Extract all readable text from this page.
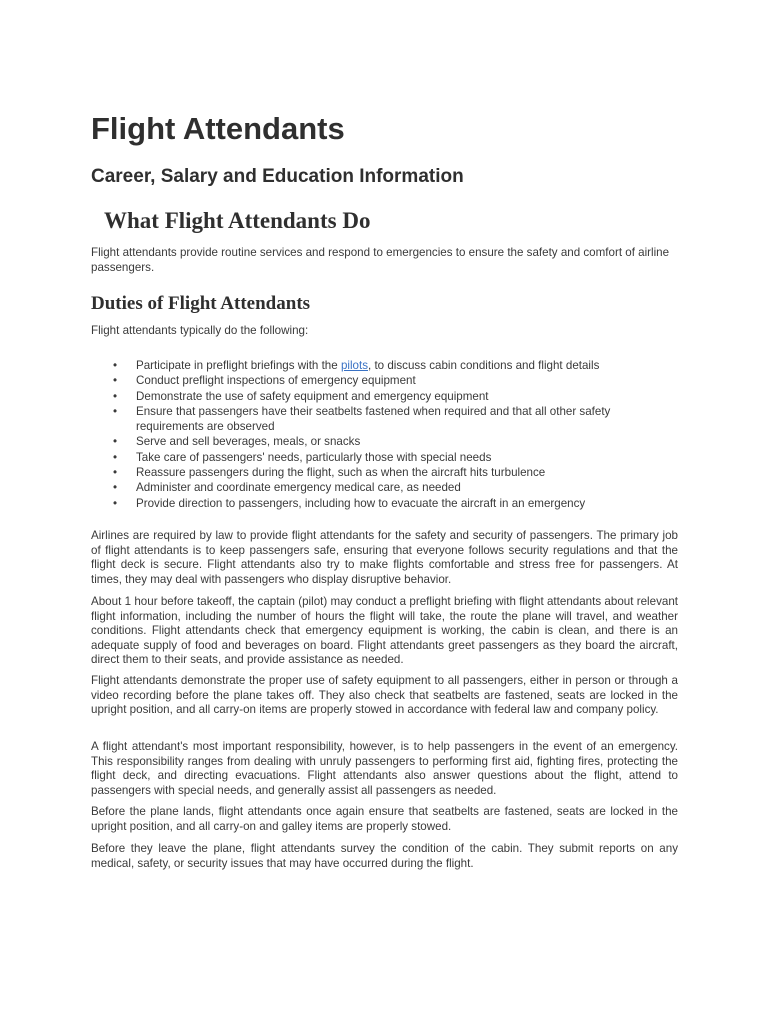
Flight Attendants
Career, Salary and Education Information
What Flight Attendants Do

Flight attendants provide routine services and respond to emergencies to ensure the safety and comfort of airline passengers.

Duties of Flight Attendants

Flight attendants typically do the following:

• Participate in preflight briefings with the pilots, to discuss cabin conditions and flight details
• Conduct preflight inspections of emergency equipment
• Demonstrate the use of safety equipment and emergency equipment
• Ensure that passengers have their seatbelts fastened when required and that all other safety requirements are observed
• Serve and sell beverages, meals, or snacks
• Take care of passengers' needs, particularly those with special needs
• Reassure passengers during the flight, such as when the aircraft hits turbulence
• Administer and coordinate emergency medical care, as needed
• Provide direction to passengers, including how to evacuate the aircraft in an emergency

Airlines are required by law to provide flight attendants for the safety and security of passengers. The primary job of flight attendants is to keep passengers safe, ensuring that everyone follows security regulations and that the flight deck is secure. Flight attendants also try to make flights comfortable and stress free for passengers. At times, they may deal with passengers who display disruptive behavior.

About 1 hour before takeoff, the captain (pilot) may conduct a preflight briefing with flight attendants about relevant flight information, including the number of hours the flight will take, the route the plane will travel, and weather conditions. Flight attendants check that emergency equipment is working, the cabin is clean, and there is an adequate supply of food and beverages on board. Flight attendants greet passengers as they board the aircraft, direct them to their seats, and provide assistance as needed.

Flight attendants demonstrate the proper use of safety equipment to all passengers, either in person or through a video recording before the plane takes off. They also check that seatbelts are fastened, seats are locked in the upright position, and all carry-on items are properly stowed in accordance with federal law and company policy.

A flight attendant's most important responsibility, however, is to help passengers in the event of an emergency. This responsibility ranges from dealing with unruly passengers to performing first aid, fighting fires, protecting the flight deck, and directing evacuations. Flight attendants also answer questions about the flight, attend to passengers with special needs, and generally assist all passengers as needed.

Before the plane lands, flight attendants once again ensure that seatbelts are fastened, seats are locked in the upright position, and all carry-on and galley items are properly stowed.

Before they leave the plane, flight attendants survey the condition of the cabin. They submit reports on any medical, safety, or security issues that may have occurred during the flight.
